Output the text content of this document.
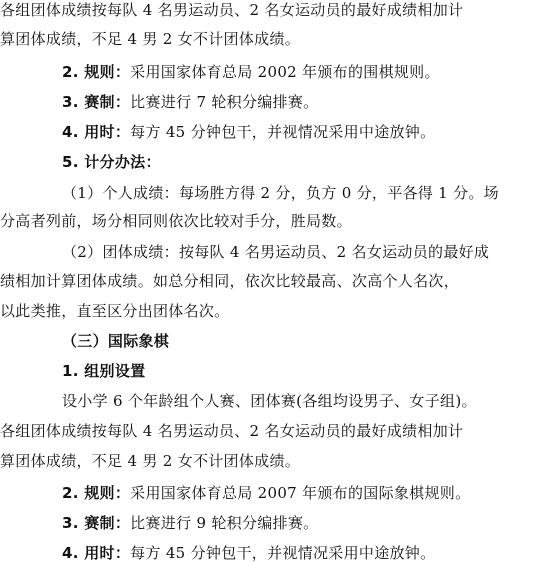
各组团体成绩按每队 4 名男运动员、2 名女运动员的最好成绩相加计
算团体成绩，不足 4 男 2 女不计团体成绩。
2. 规则：采用国家体育总局 2002 年颁布的围棋规则。
3. 赛制：比赛进行 7 轮积分编排赛。
4. 用时：每方 45 分钟包干，并视情况采用中途放钟。
5. 计分办法：
（1）个人成绩：每场胜方得 2 分，负方 0 分，平各得 1 分。场
分高者列前，场分相同则依次比较对手分，胜局数。
（2）团体成绩：按每队 4 名男运动员、2 名女运动员的最好成
绩相加计算团体成绩。如总分相同，依次比较最高、次高个人名次，
以此类推，直至区分出团体名次。
（三）国际象棋
1. 组别设置
设小学 6 个年龄组个人赛、团体赛(各组均设男子、女子组)。
各组团体成绩按每队 4 名男运动员、2 名女运动员的最好成绩相加计
算团体成绩，不足 4 男 2 女不计团体成绩。
2. 规则：采用国家体育总局 2007 年颁布的国际象棋规则。
3. 赛制：比赛进行 9 轮积分编排赛。
4. 用时：每方 45 分钟包干，并视情况采用中途放钟。
